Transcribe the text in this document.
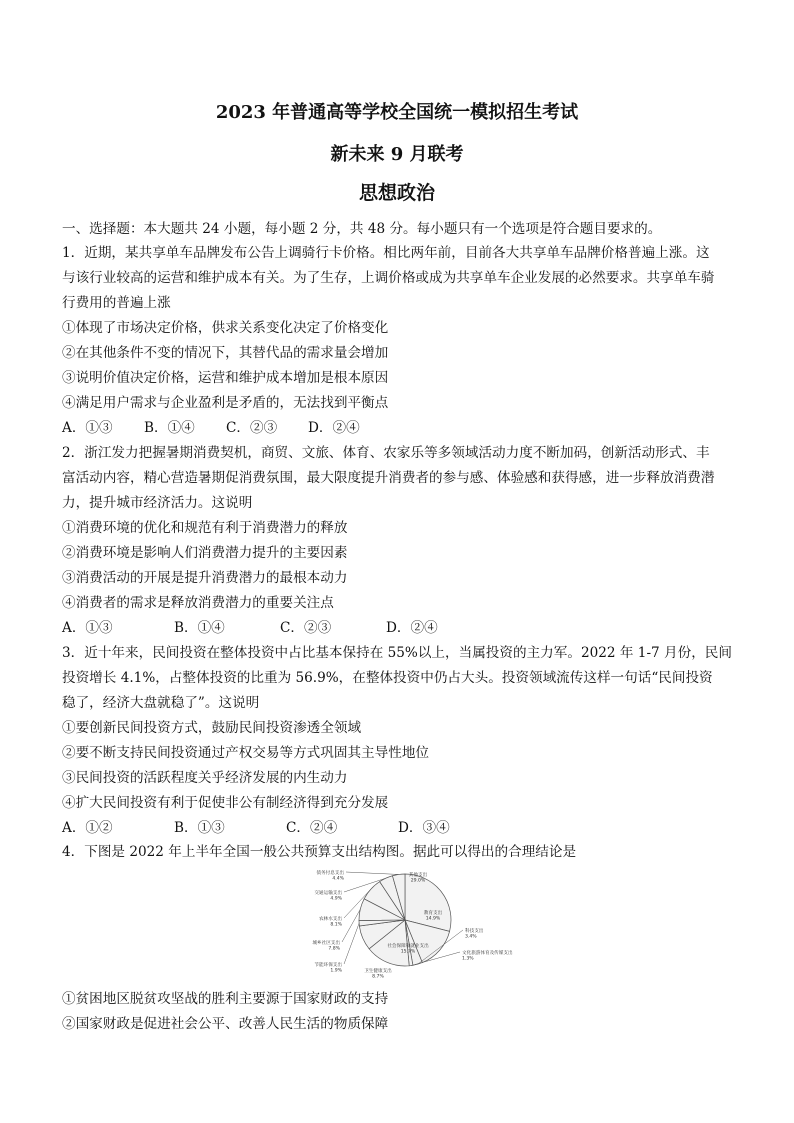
2023 年普通高等学校全国统一模拟招生考试
新未来 9 月联考
思想政治
一、选择题：本大题共 24 小题，每小题 2 分，共 48 分。每小题只有一个选项是符合题目要求的。
1．近期，某共享单车品牌发布公告上调骑行卡价格。相比两年前，目前各大共享单车品牌价格普遍上涨。这
与该行业较高的运营和维护成本有关。为了生存，上调价格或成为共享单车企业发展的必然要求。共享单车骑
行费用的普遍上涨
①体现了市场决定价格，供求关系变化决定了价格变化
②在其他条件不变的情况下，其替代品的需求量会增加
③说明价值决定价格，运营和维护成本增加是根本原因
④满足用户需求与企业盈利是矛盾的，无法找到平衡点
A．①③ B．①④ C．②③ D．②④
2．浙江发力把握暑期消费契机，商贸、文旅、体育、农家乐等多领域活动力度不断加码，创新活动形式、丰
富活动内容，精心营造暑期促消费氛围，最大限度提升消费者的参与感、体验感和获得感，进一步释放消费潜
力，提升城市经济活力。这说明
①消费环境的优化和规范有利于消费潜力的释放
②消费环境是影响人们消费潜力提升的主要因素
③消费活动的开展是提升消费潜力的最根本动力
④消费者的需求是释放消费潜力的重要关注点
A．①③	B．①④	C．②③	D．②④
3．近十年来，民间投资在整体投资中占比基本保持在 55%以上，当属投资的主力军。2022 年 1-7 月份，民间
投资增长 4.1%，占整体投资的比重为 56.9%，在整体投资中仍占大头。投资领域流传这样一句话“民间投资
稳了，经济大盘就稳了”。这说明
①要创新民间投资方式，鼓励民间投资渗透全领域
②要不断支持民间投资通过产权交易等方式巩固其主导性地位
③民间投资的活跃程度关乎经济发展的内生动力
④扩大民间投资有利于促使非公有制经济得到充分发展
A．①②	B．①③	C．②④	D．③④
4．下图是 2022 年上半年全国一般公共预算支出结构图。据此可以得出的合理结论是
其他支出
29.0%
教育支出
14.9%
科技支出
3.4%
文化旅游体育及传媒支出
1.3%
社会保障和就业支出
15.7%
卫生健康支出
8.7%
节能环保支出
1.9%
城乡社区支出
7.8%
农林水支出
8.1%
交通运输支出
4.9%
债务付息支出
4.4%
①贫困地区脱贫攻坚战的胜利主要源于国家财政的支持
②国家财政是促进社会公平、改善人民生活的物质保障
